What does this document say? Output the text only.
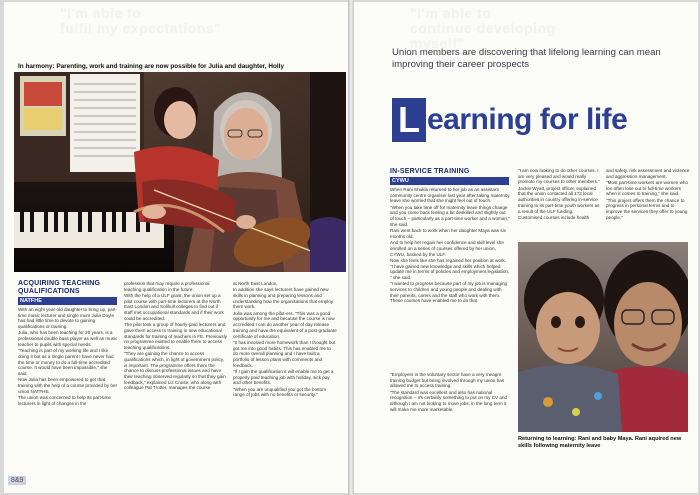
"I'm able to
fulfil my expectations"
"I'm able to
continue developing
myself"
In harmony: Parenting, work and training are now possible for Julia and daughter, Holly
ACQUIRING TEACHING QUALIFICATIONS
NATFHE

With an eight year-old daughter to bring up, part-time music lecturer and single mum Julia Doyle has had little time to devote to gaining qualifications or training.

Julia, who has been teaching for 20 years, is a professional double bass player as well as music teacher to pupils with special needs.

"Teaching is part of my working life and I like doing it but as a single parent I have never had the time or money to do a full-time accredited course. It would have been impossible," she said.

Now Julia has been empowered to get that training with the help of a course provided by her union NATFHE.

The union was concerned to help its part-time lecturers in light of changes in the

profession that may require a professional teaching qualification in the future.

With the help of a ULF grant, the union set up a pilot course with part-time lecturers at the North East London and Solihull colleges to find out if staff met occupational standards and if their work could be accredited.

The pilot took a group of hourly-paid lecturers and gave them access to training in new educational standards for training of teachers in FE. Previously no programme existed to enable them to access teaching qualifications.

"They are gaining the chance to access qualifications which, in light of government policy, is important. The programme offers them the chance to discuss professional issues and have their teaching observed regularly so that they gain feedback," explained Liz Cruise, who along with colleague Pat Trotter, manages the course

at North East London.

In addition she says lecturers have gained new skills in planning and preparing lessons and understanding how the organisations that employ them work.

Julia was among the pilot-ers. "This was a good opportunity for me and because the course is now accredited I can do another year of day release training and have the equivalent of a post-graduate certificate of education.

"It has involved more homework than I thought but got me into good habits. This has enabled me to do more overall planning and I have built a portfolio of lesson plans with comments and feedback.

"If I gain the qualification it will enable me to get a properly paid teaching job with holiday, sick pay and other benefits.

"When you are unqualified you get the bottom range of jobs with no benefits or security."

8&9
Union members are discovering that lifelong learning can mean improving their career prospects
L earning for life
IN-SERVICE TRAINING
CYWU

When Rani Shukla returned to her job as an assistant community centre organiser last year after taking maternity leave she worried that she might feel out of touch.

"When you take time off for maternity leave things change and you come back feeling a bit deskilled and slightly out of touch – particularly as a part-time worker and a woman," she said.

Rani went back to work when her daughter Maya was six months old.

And to help her regain her confidence and skill level she enrolled on a series of courses offered by her union, CYWU, backed by the ULF.

Now she feels like she has regained her position at work. "I have gained new knowledge and skills which helped update me in terms of policies and employment legislation, " she said.

"I wanted to progress because part of my job is managing services to children and young people and dealing with their parents, carers and the staff who work with them. These courses have enabled me to do that.

"I am now looking to do other courses. I am very pleased and would really promote my courses to other members."

Jackie Wyatt, project officer, explained that the union contacted all 172 local authorities in country offering in-service training to its part-time youth workers as a result of the ULF funding.

Customised courses include health

"Employers in the voluntary sector have a very meagre training budget but being involved through my union has allowed me to access training.

"The standard was excellent and also has national recognition – it's certainly something to put on my CV and although I am not looking to move jobs, in the long term it will make me more marketable.

and safety, risk assessment and violence and aggression management.

"Most part-time workers are women who too often lose out to full-time workers when it comes to training," she said.

"This project offers them the chance to progress in personal terms and to improve the services they offer to young people."

Returning to learning: Rani and baby Maya. Rani aquired new skills following maternity leave
